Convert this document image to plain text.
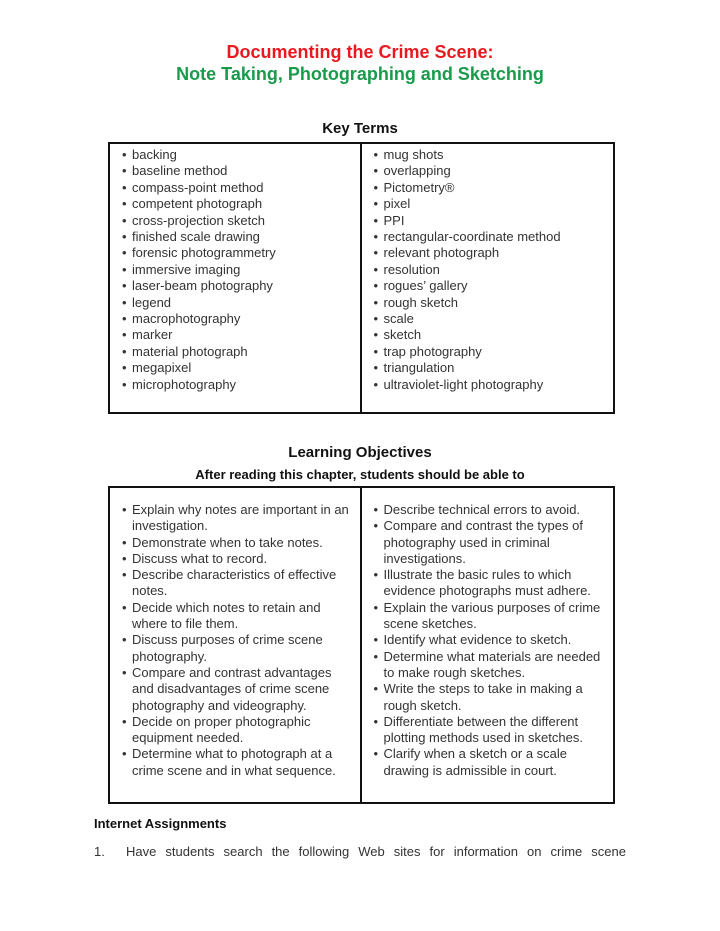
Documenting the Crime Scene:
Note Taking, Photographing and Sketching
Key Terms
• backing
• baseline method
• compass-point method
• competent photograph
• cross-projection sketch
• finished scale drawing
• forensic photogrammetry
• immersive imaging
• laser-beam photography
• legend
• macrophotography
• marker
• material photograph
• megapixel
• microphotography
• mug shots
• overlapping
• Pictometry®
• pixel
• PPI
• rectangular-coordinate method
• relevant photograph
• resolution
• rogues’ gallery
• rough sketch
• scale
• sketch
• trap photography
• triangulation
• ultraviolet-light photography
Learning Objectives
After reading this chapter, students should be able to
• Explain why notes are important in an investigation.
• Demonstrate when to take notes.
• Discuss what to record.
• Describe characteristics of effective notes.
• Decide which notes to retain and where to file them.
• Discuss purposes of crime scene photography.
• Compare and contrast advantages and disadvantages of crime scene photography and videography.
• Decide on proper photographic equipment needed.
• Determine what to photograph at a crime scene and in what sequence.
• Describe technical errors to avoid.
• Compare and contrast the types of photography used in criminal investigations.
• Illustrate the basic rules to which evidence photographs must adhere.
• Explain the various purposes of crime scene sketches.
• Identify what evidence to sketch.
• Determine what materials are needed to make rough sketches.
• Write the steps to take in making a rough sketch.
• Differentiate between the different plotting methods used in sketches.
• Clarify when a sketch or a scale drawing is admissible in court.
Internet Assignments
1.	Have students search the following Web sites for information on crime scene
